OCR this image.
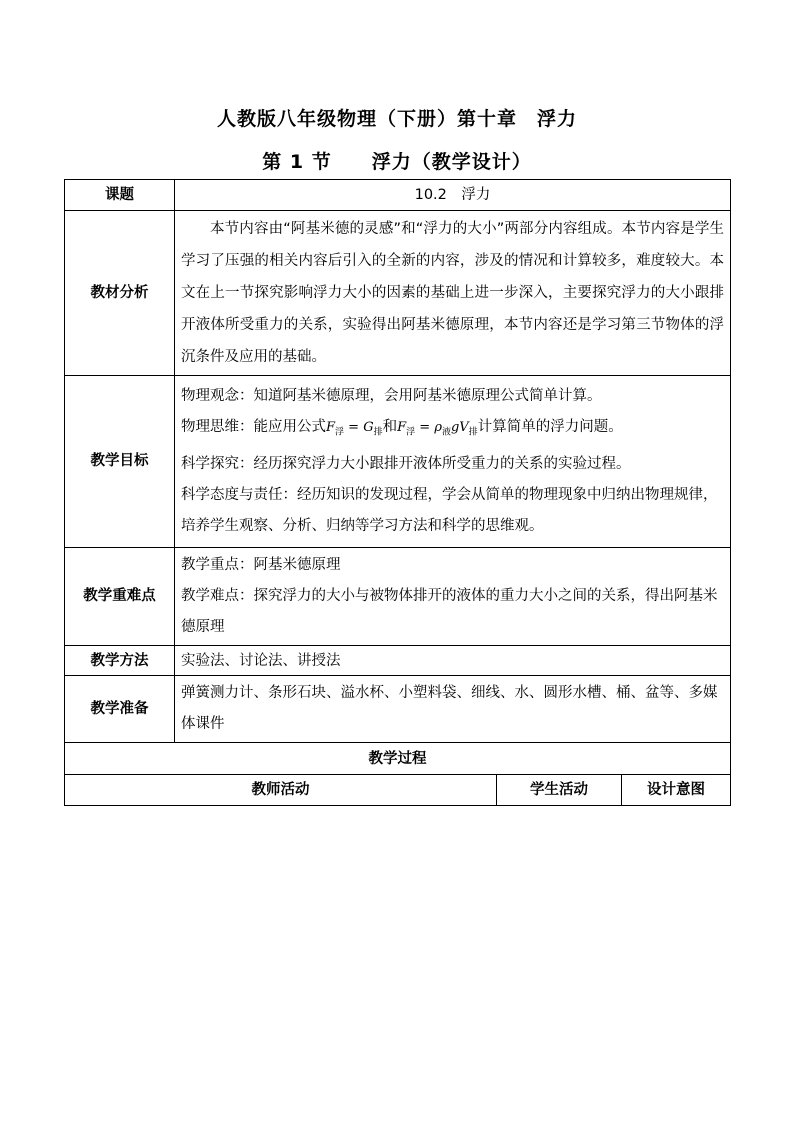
人教版八年级物理（下册）第十章　浮力
第 1 节　　浮力（教学设计）
课题	10.2　浮力		
教材分析	本节内容由“阿基米德的灵感”和“浮力的大小”两部分内容组成。本节内容是学生学习了压强的相关内容后引入的全新的内容，涉及的情况和计算较多，难度较大。本文在上一节探究影响浮力大小的因素的基础上进一步深入，主要探究浮力的大小跟排开液体所受重力的关系，实验得出阿基米德原理，本节内容还是学习第三节物体的浮沉条件及应用的基础。		
教学目标	物理观念：知道阿基米德原理，会用阿基米德原理公式简单计算。
物理思维：能应用公式$F_浮 = G_排$和$F_浮 = \rho_液gV_排$计算简单的浮力问题。
科学探究：经历探究浮力大小跟排开液体所受重力的关系的实验过程。
科学态度与责任：经历知识的发现过程，学会从简单的物理现象中归纳出物理规律，培养学生观察、分析、归纳等学习方法和科学的思维观。		

教学重难点	教学重点：阿基米德原理
教学难点：探究浮力的大小与被物体排开的液体的重力大小之间的关系，得出阿基米德原理		

教学方法	实验法、讨论法、讲授法		
教学准备	弹簧测力计、条形石块、溢水杯、小塑料袋、细线、水、圆形水槽、桶、盆等、多媒体课件		
教学过程			
教师活动		学生活动	设计意图
